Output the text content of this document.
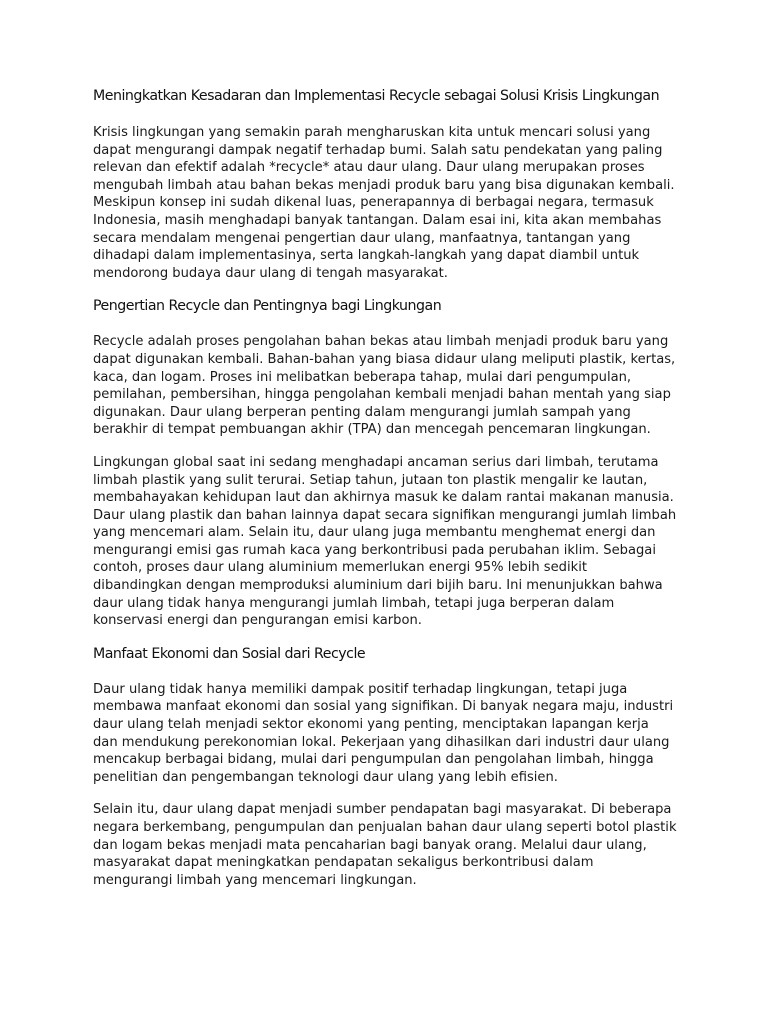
Meningkatkan Kesadaran dan Implementasi Recycle sebagai Solusi Krisis Lingkungan

Krisis lingkungan yang semakin parah mengharuskan kita untuk mencari solusi yang dapat mengurangi dampak negatif terhadap bumi. Salah satu pendekatan yang paling relevan dan efektif adalah *recycle* atau daur ulang. Daur ulang merupakan proses mengubah limbah atau bahan bekas menjadi produk baru yang bisa digunakan kembali. Meskipun konsep ini sudah dikenal luas, penerapannya di berbagai negara, termasuk Indonesia, masih menghadapi banyak tantangan. Dalam esai ini, kita akan membahas secara mendalam mengenai pengertian daur ulang, manfaatnya, tantangan yang dihadapi dalam implementasinya, serta langkah-langkah yang dapat diambil untuk mendorong budaya daur ulang di tengah masyarakat.

Pengertian Recycle dan Pentingnya bagi Lingkungan

Recycle adalah proses pengolahan bahan bekas atau limbah menjadi produk baru yang dapat digunakan kembali. Bahan-bahan yang biasa didaur ulang meliputi plastik, kertas, kaca, dan logam. Proses ini melibatkan beberapa tahap, mulai dari pengumpulan, pemilahan, pembersihan, hingga pengolahan kembali menjadi bahan mentah yang siap digunakan. Daur ulang berperan penting dalam mengurangi jumlah sampah yang berakhir di tempat pembuangan akhir (TPA) dan mencegah pencemaran lingkungan.

Lingkungan global saat ini sedang menghadapi ancaman serius dari limbah, terutama limbah plastik yang sulit terurai. Setiap tahun, jutaan ton plastik mengalir ke lautan, membahayakan kehidupan laut dan akhirnya masuk ke dalam rantai makanan manusia. Daur ulang plastik dan bahan lainnya dapat secara signifikan mengurangi jumlah limbah yang mencemari alam. Selain itu, daur ulang juga membantu menghemat energi dan mengurangi emisi gas rumah kaca yang berkontribusi pada perubahan iklim. Sebagai contoh, proses daur ulang aluminium memerlukan energi 95% lebih sedikit dibandingkan dengan memproduksi aluminium dari bijih baru. Ini menunjukkan bahwa daur ulang tidak hanya mengurangi jumlah limbah, tetapi juga berperan dalam konservasi energi dan pengurangan emisi karbon.

Manfaat Ekonomi dan Sosial dari Recycle

Daur ulang tidak hanya memiliki dampak positif terhadap lingkungan, tetapi juga membawa manfaat ekonomi dan sosial yang signifikan. Di banyak negara maju, industri daur ulang telah menjadi sektor ekonomi yang penting, menciptakan lapangan kerja dan mendukung perekonomian lokal. Pekerjaan yang dihasilkan dari industri daur ulang mencakup berbagai bidang, mulai dari pengumpulan dan pengolahan limbah, hingga penelitian dan pengembangan teknologi daur ulang yang lebih efisien.

Selain itu, daur ulang dapat menjadi sumber pendapatan bagi masyarakat. Di beberapa negara berkembang, pengumpulan dan penjualan bahan daur ulang seperti botol plastik dan logam bekas menjadi mata pencaharian bagi banyak orang. Melalui daur ulang, masyarakat dapat meningkatkan pendapatan sekaligus berkontribusi dalam mengurangi limbah yang mencemari lingkungan.
